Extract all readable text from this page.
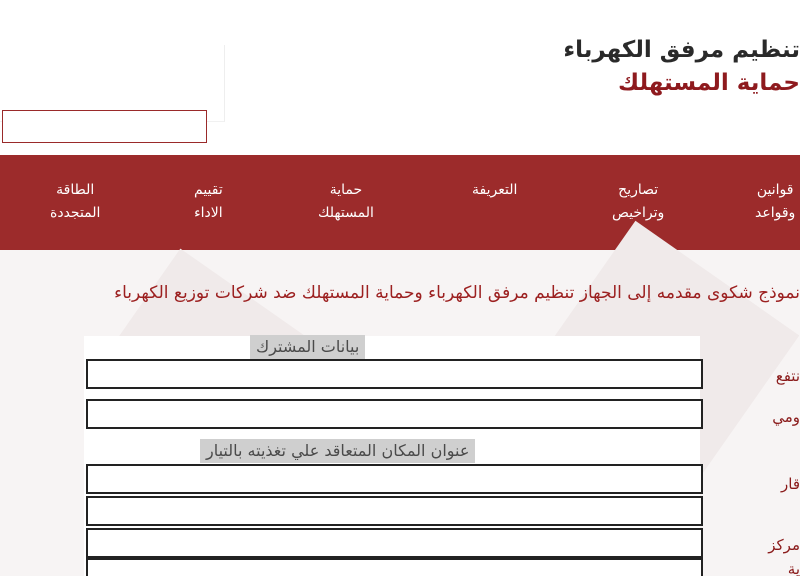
تنظيم مرفق الكهرباء
حماية المستهلك
قوانين
وقواعد
تصاريح
وتراخيص
التعريفة
حماية
المستهلك
تقييم
الاداء
الطاقة
المتجددة
نموذج شكوى مقدمه إلى الجهاز تنظيم مرفق الكهرباء وحماية المستهلك ضد شركات توزيع الكهرباء
بيانات المشترك
عنوان المكان المتعاقد علي تغذيته بالتيار
نتفع
ومي
قار
مركز
ية
